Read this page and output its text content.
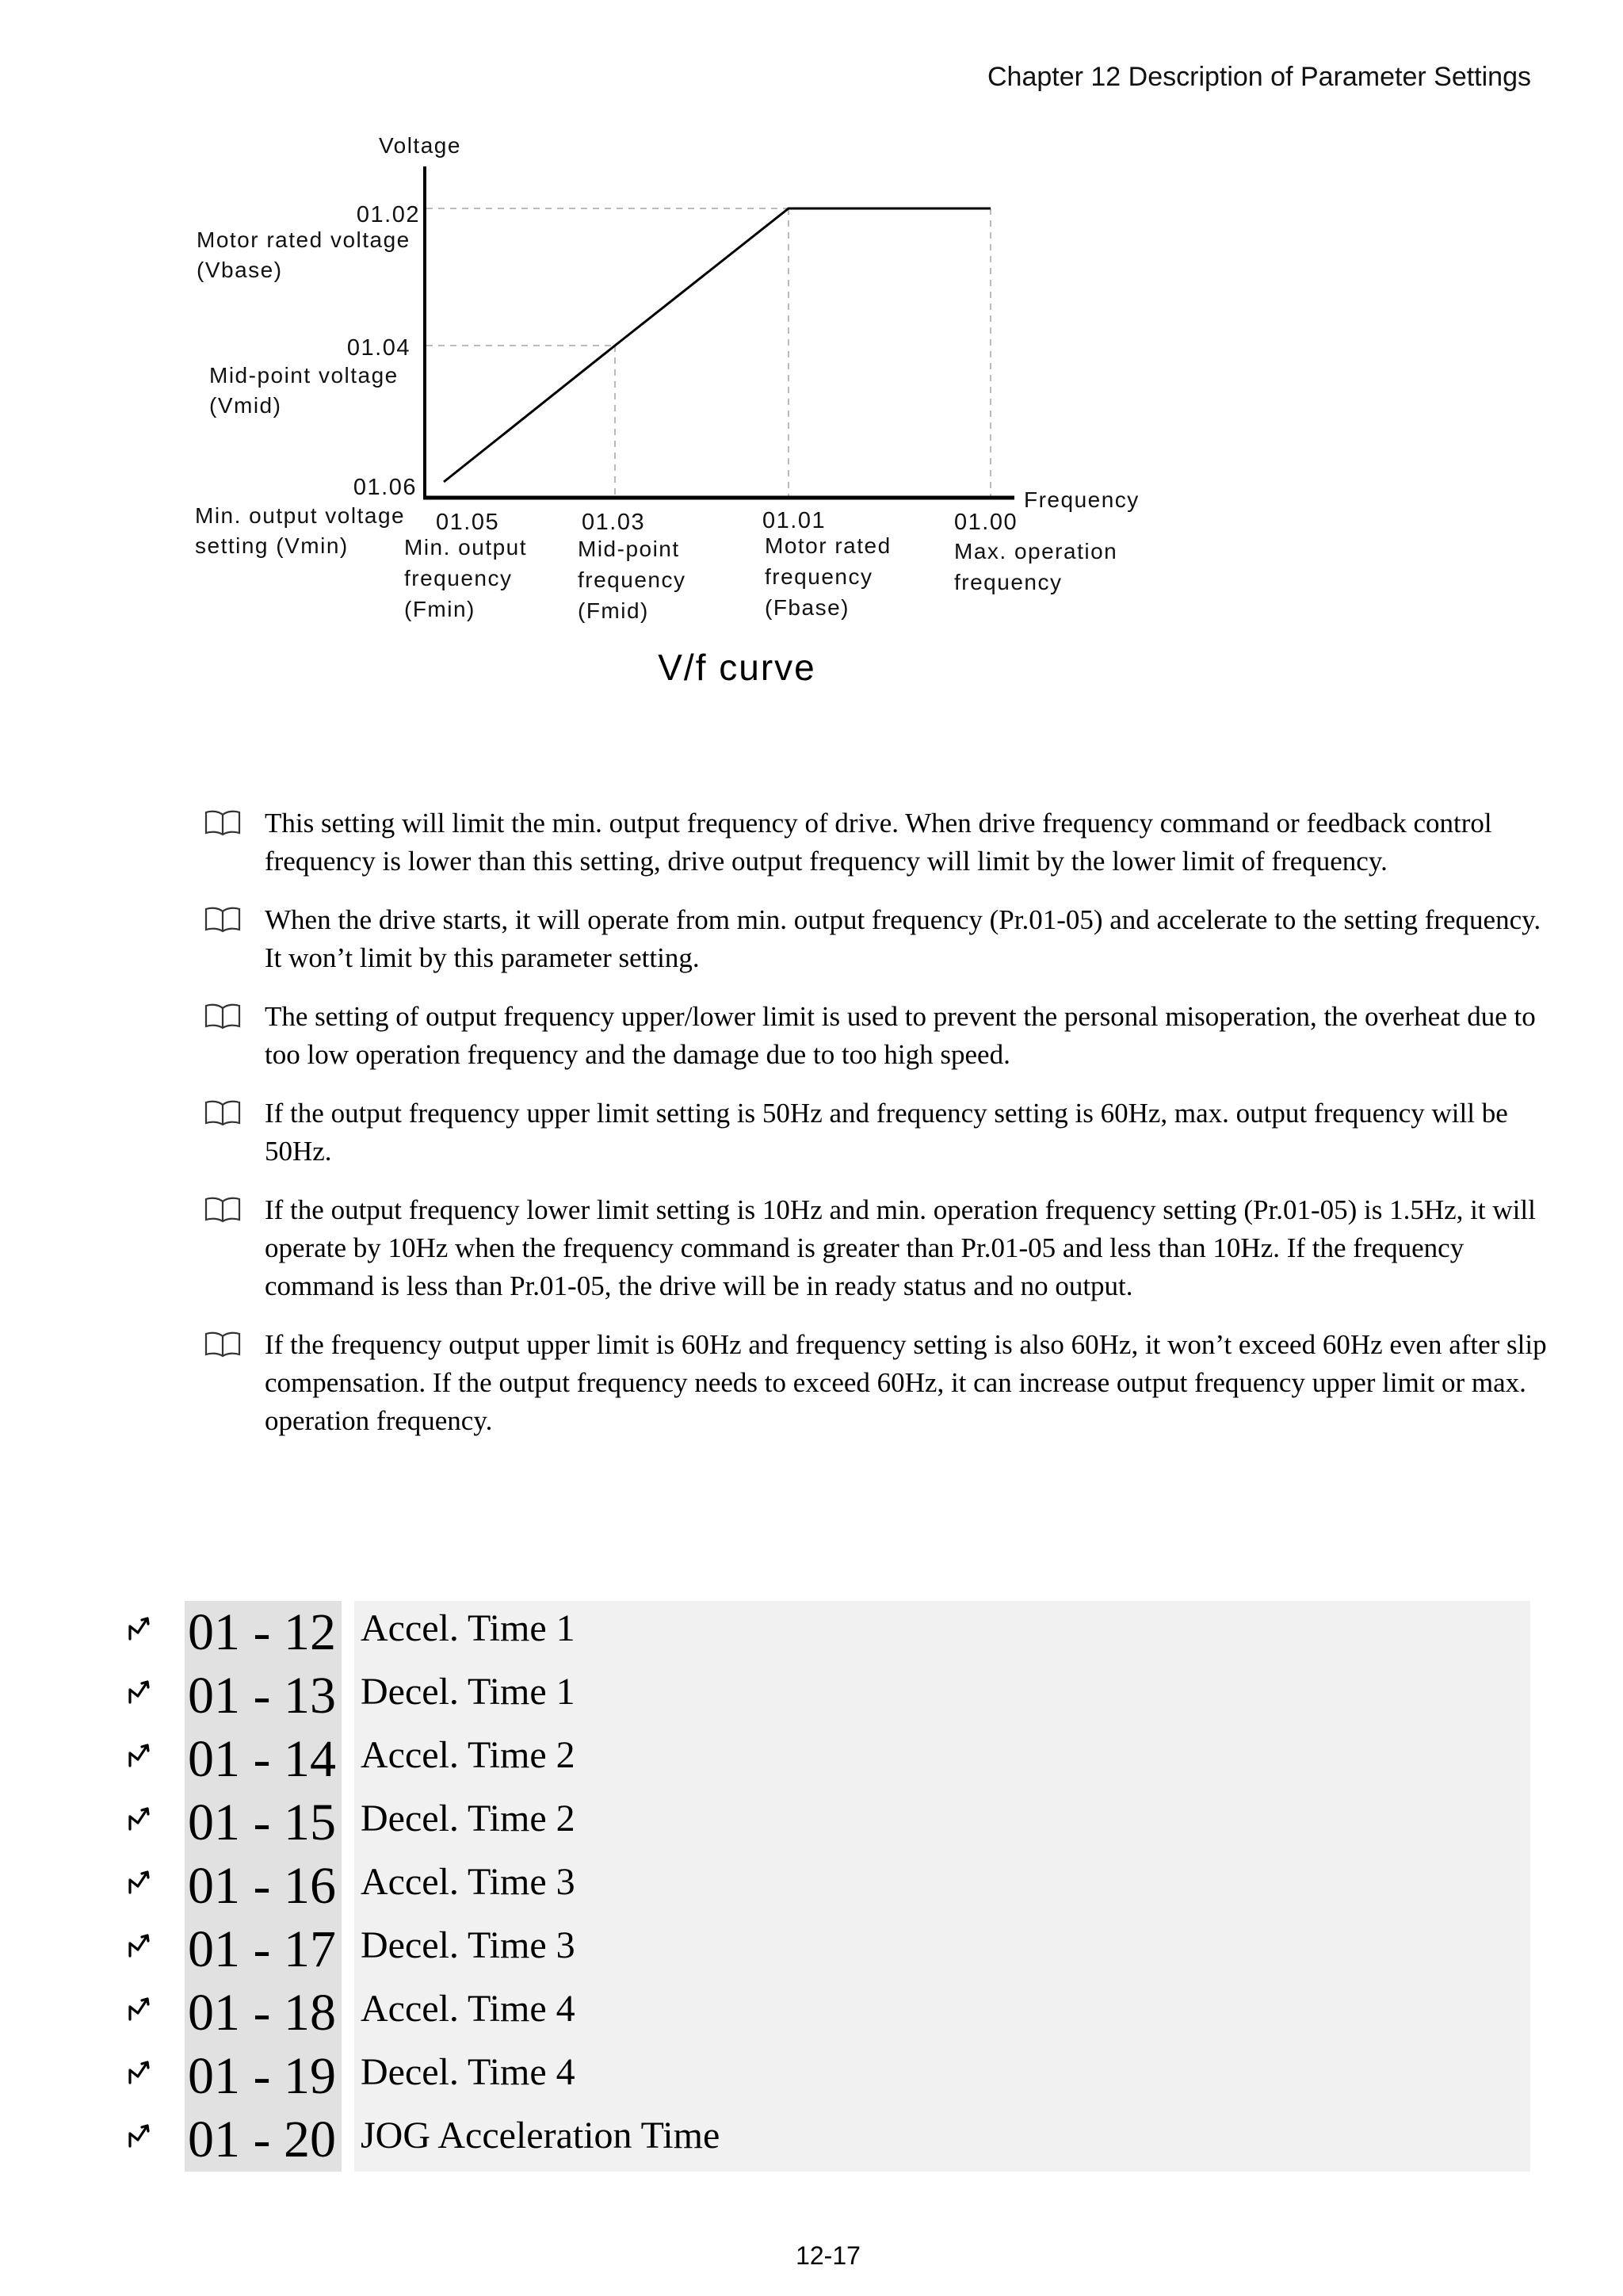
Chapter 12 Description of Parameter Settings
Voltage
Frequency
01.02
Motor rated voltage
(Vbase)
01.04
Mid-point voltage
(Vmid)
01.06
Min. output voltage
setting (Vmin)
01.05
Min. output
frequency
(Fmin)
01.03
Mid-point
frequency
(Fmid)
01.01
Motor rated
frequency
(Fbase)
01.00
Max. operation
frequency
V/f curve
This setting will limit the min. output frequency of drive. When drive frequency command or feedback control frequency is lower than this setting, drive output frequency will limit by the lower limit of frequency.
When the drive starts, it will operate from min. output frequency (Pr.01-05) and accelerate to the setting frequency. It won’t limit by this parameter setting.
The setting of output frequency upper/lower limit is used to prevent the personal misoperation, the overheat due to too low operation frequency and the damage due to too high speed.
If the output frequency upper limit setting is 50Hz and frequency setting is 60Hz, max. output frequency will be 50Hz.
If the output frequency lower limit setting is 10Hz and min. operation frequency setting (Pr.01-05) is 1.5Hz, it will operate by 10Hz when the frequency command is greater than Pr.01-05 and less than 10Hz. If the frequency command is less than Pr.01-05, the drive will be in ready status and no output.
If the frequency output upper limit is 60Hz and frequency setting is also 60Hz, it won’t exceed 60Hz even after slip compensation. If the output frequency needs to exceed 60Hz, it can increase output frequency upper limit or max. operation frequency.
01 - 12 Accel. Time 1
01 - 13 Decel. Time 1
01 - 14 Accel. Time 2
01 - 15 Decel. Time 2
01 - 16 Accel. Time 3
01 - 17 Decel. Time 3
01 - 18 Accel. Time 4
01 - 19 Decel. Time 4
01 - 20 JOG Acceleration Time
12-17
